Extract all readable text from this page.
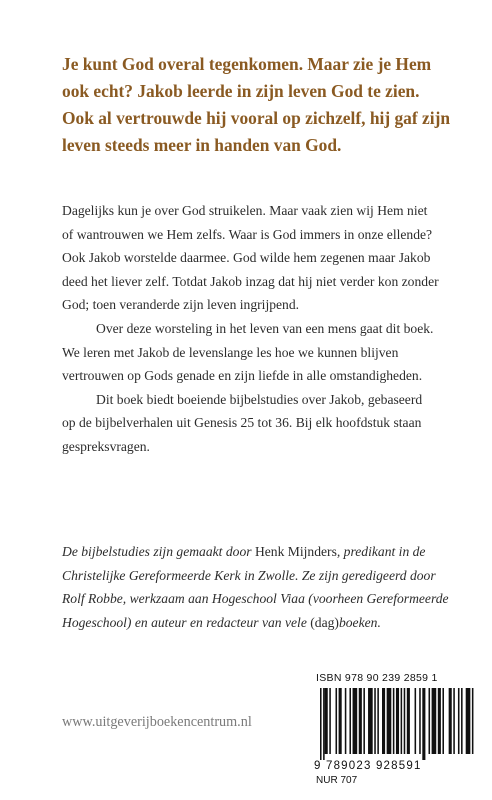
Je kunt God overal tegenkomen. Maar zie je Hem
ook echt? Jakob leerde in zijn leven God te zien.
Ook al vertrouwde hij vooral op zichzelf, hij gaf zijn
leven steeds meer in handen van God.

Dagelijks kun je over God struikelen. Maar vaak zien wij Hem niet
of wantrouwen we Hem zelfs. Waar is God immers in onze ellende?
Ook Jakob worstelde daarmee. God wilde hem zegenen maar Jakob
deed het liever zelf. Totdat Jakob inzag dat hij niet verder kon zonder
God; toen veranderde zijn leven ingrijpend.

Over deze worsteling in het leven van een mens gaat dit boek.
We leren met Jakob de levenslange les hoe we kunnen blijven
vertrouwen op Gods genade en zijn liefde in alle omstandigheden.

Dit boek biedt boeiende bijbelstudies over Jakob, gebaseerd
op de bijbelverhalen uit Genesis 25 tot 36. Bij elk hoofdstuk staan
gespreksvragen.

De bijbelstudies zijn gemaakt door Henk Mijnders, predikant in de
Christelijke Gereformeerde Kerk in Zwolle. Ze zijn geredigeerd door
Rolf Robbe, werkzaam aan Hogeschool Viaa (voorheen Gereformeerde
Hogeschool) en auteur en redacteur van vele (dag)boeken.
www.uitgeverijboekencentrum.nl
ISBN 978 90 239 2859 1
9 789023 928591
NUR 707
